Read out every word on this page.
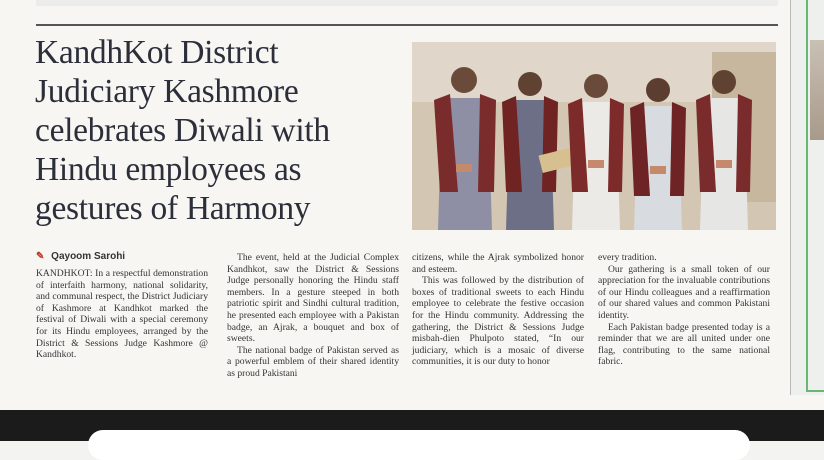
KandhKot District Judiciary Kashmore celebrates Diwali with Hindu employees as gestures of Harmony
✎ Qayoom Sarohi

KANDHKOT: In a respectful demonstration of interfaith harmony, national solidarity, and communal respect, the District Judiciary of Kashmore at Kandhkot marked the festival of Diwali with a special ceremony for its Hindu employees, arranged by the District & Sessions Judge Kashmore @ Kandhkot.

The event, held at the Judicial Complex Kandhkot, saw the District & Sessions Judge personally honoring the Hindu staff members. In a gesture steeped in both patriotic spirit and Sindhi cultural tradition, he presented each employee with a Pakistan badge, an Ajrak, a bouquet and box of sweets.

The national badge of Pakistan served as a powerful emblem of their shared identity as proud Pakistani

citizens, while the Ajrak symbolized honor and esteem.

This was followed by the distribution of boxes of traditional sweets to each Hindu employee to celebrate the festive occasion for the Hindu community. Addressing the gathering, the District & Sessions Judge misbah-dien Phulpoto stated, “In our judiciary, which is a mosaic of diverse communities, it is our duty to honor

every tradition.

Our gathering is a small token of our appreciation for the invaluable contributions of our Hindu colleagues and a reaffirmation of our shared values and common Pakistani identity.

Each Pakistan badge presented today is a reminder that we are all united under one flag, contributing to the same national fabric.
